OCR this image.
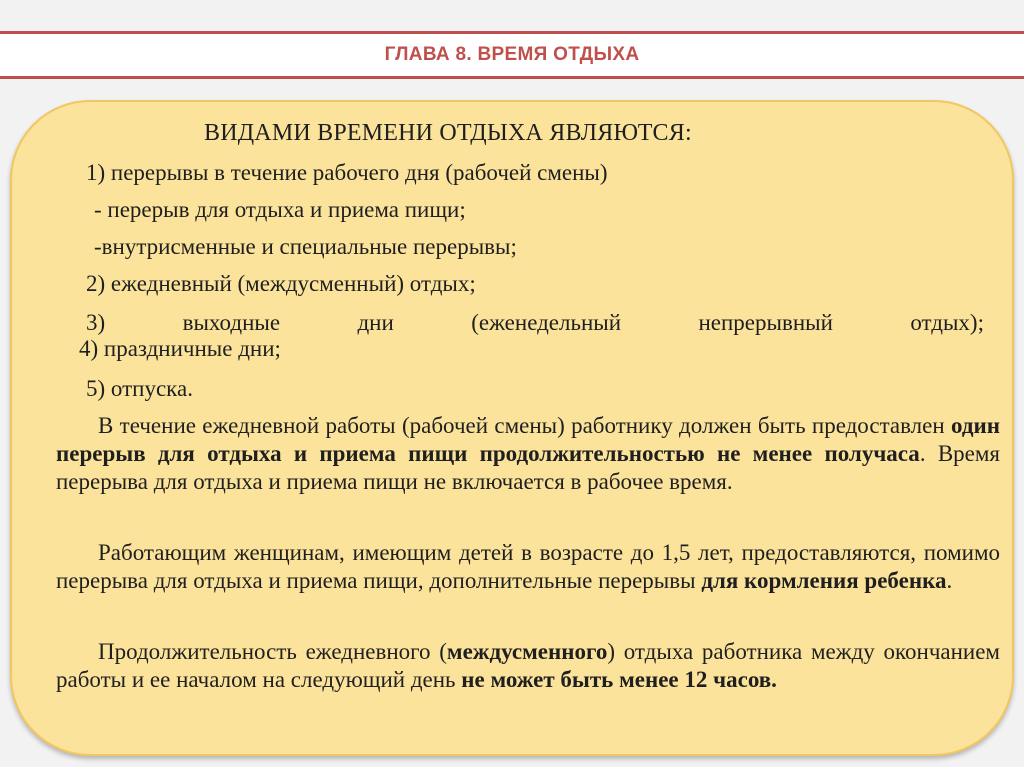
ГЛАВА 8. ВРЕМЯ ОТДЫХА
ВИДАМИ ВРЕМЕНИ ОТДЫХА ЯВЛЯЮТСЯ:
1) перерывы в течение рабочего дня (рабочей смены)
- перерыв для отдыха и приема пищи;
-внутрисменные и специальные перерывы;
2) ежедневный (междусменный) отдых;
3)	выходные	дни	(еженедельный	непрерывный	отдых);
4) праздничные дни;
5) отпуска.
В течение ежедневной работы (рабочей смены) работнику должен быть предоставлен один перерыв для отдыха и приема пищи продолжительностью не менее получаса. Время перерыва для отдыха и приема пищи не включается в рабочее время.
Работающим женщинам, имеющим детей в возрасте до 1,5 лет, предоставляются, помимо перерыва для отдыха и приема пищи, дополнительные перерывы для кормления ребенка.
Продолжительность ежедневного (междусменного) отдыха работника между окончанием работы и ее началом на следующий день не может быть менее 12 часов.
